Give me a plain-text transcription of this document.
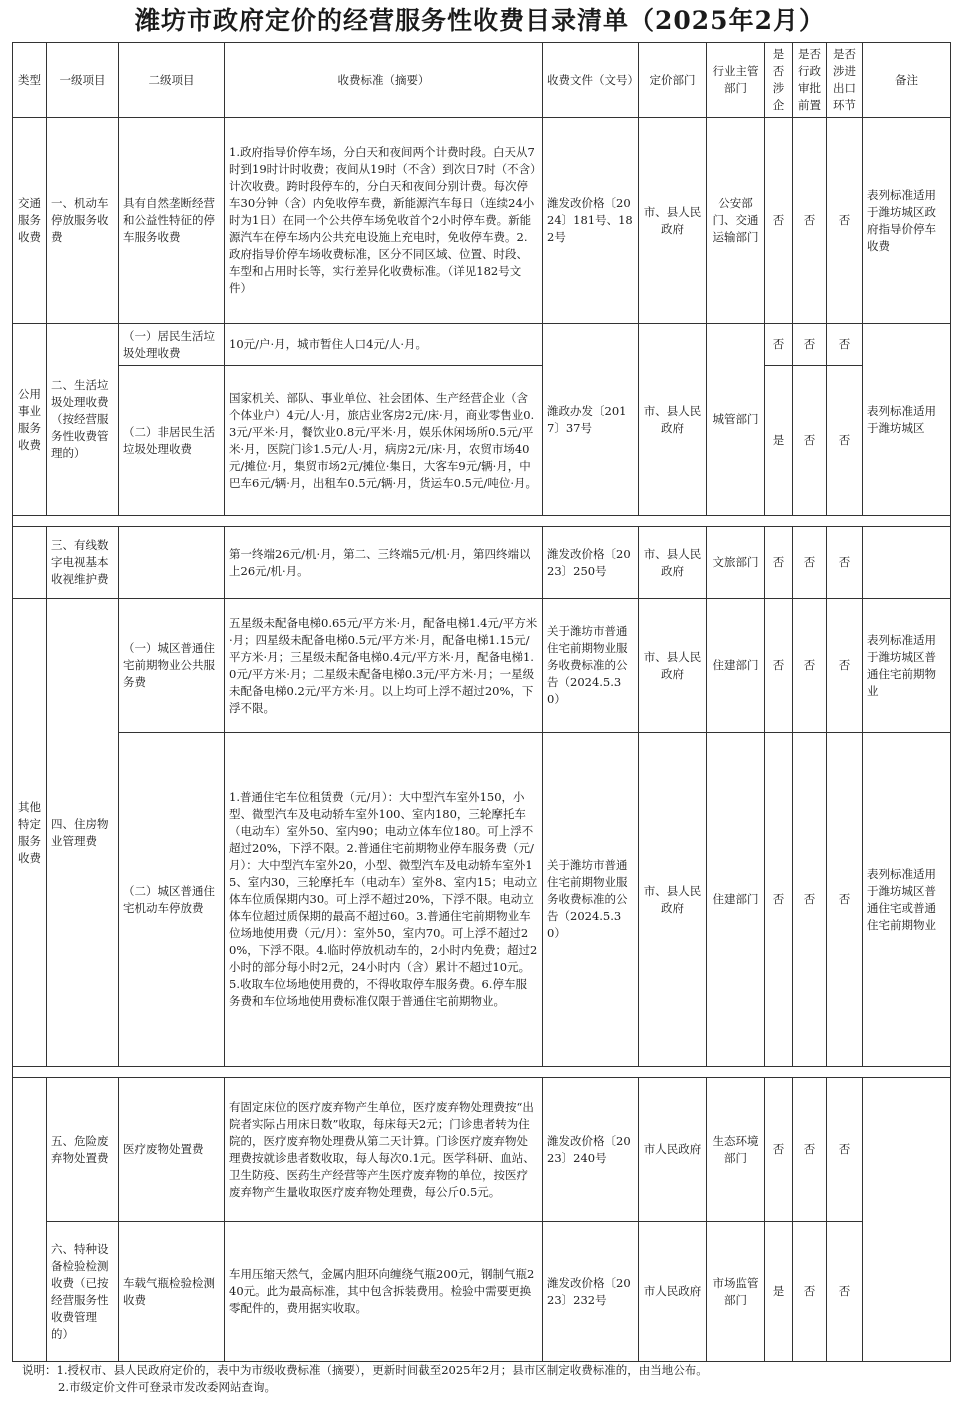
潍坊市政府定价的经营服务性收费目录清单（2025年2月）
类型	一级项目	二级项目	收费标准（摘要）	收费文件（文号）	定价部门	行业主管部门	是否涉企	是否行政审批前置	是否涉进出口环节	备注
交通服务收费	一、机动车停放服务收费	具有自然垄断经营和公益性特征的停车服务收费	1.政府指导价停车场，分白天和夜间两个计费时段。白天从7时到19时计时收费；夜间从19时（不含）到次日7时（不含）计次收费。跨时段停车的，分白天和夜间分别计费。每次停车30分钟（含）内免收停车费，新能源汽车每日（连续24小时为1日）在同一个公共停车场免收首个2小时停车费。新能源汽车在停车场内公共充电设施上充电时，免收停车费。2.政府指导价停车场收费标准，区分不同区域、位置、时段、车型和占用时长等，实行差异化收费标准。（详见182号文件）	潍发改价格〔2024〕181号、182号	市、县人民政府	公安部门、交通运输部门	否	否	否	表列标准适用于潍坊城区政府指导价停车收费
公用事业服务收费	二、生活垃圾处理收费（按经营服务性收费管理的）	（一）居民生活垃圾处理收费	10元/户·月，城市暂住人口4元/人·月。	潍政办发〔2017〕37号	市、县人民政府	城管部门	否	否	否	表列标准适用于潍坊城区
		（二）非居民生活垃圾处理收费	国家机关、部队、事业单位、社会团体、生产经营企业（含个体业户）4元/人·月，旅店业客房2元/床·月，商业零售业0.3元/平米·月，餐饮业0.8元/平米·月，娱乐休闲场所0.5元/平米·月，医院门诊1.5元/人·月，病房2元/床·月，农贸市场40元/摊位·月，集贸市场2元/摊位·集日，大客车9元/辆·月，中巴车6元/辆·月，出租车0.5元/辆·月，货运车0.5元/吨位·月。				是	否	否	

	三、有线数字电视基本收视维护费		第一终端26元/机·月，第二、三终端5元/机·月，第四终端以上26元/机·月。	潍发改价格〔2023〕250号	市、县人民政府	文旅部门	否	否	否	
其他特定服务收费	四、住房物业管理费	（一）城区普通住宅前期物业公共服务费	五星级未配备电梯0.65元/平方米·月，配备电梯1.4元/平方米·月；四星级未配备电梯0.5元/平方米·月，配备电梯1.15元/平方米·月；三星级未配备电梯0.4元/平方米·月，配备电梯1.0元/平方米·月；二星级未配备电梯0.3元/平方米·月；一星级未配备电梯0.2元/平方米·月。以上均可上浮不超过20%，下浮不限。	关于潍坊市普通住宅前期物业服务收费标准的公告（2024.5.30）	市、县人民政府	住建部门	否	否	否	表列标准适用于潍坊城区普通住宅前期物业
		（二）城区普通住宅机动车停放费	1.普通住宅车位租赁费（元/月）：大中型汽车室外150，小型、微型汽车及电动轿车室外100、室内180，三轮摩托车（电动车）室外50、室内90；电动立体车位180。可上浮不超过20%，下浮不限。2.普通住宅前期物业停车服务费（元/月）：大中型汽车室外20，小型、微型汽车及电动轿车室外15、室内30，三轮摩托车（电动车）室外8、室内15；电动立体车位质保期内30。可上浮不超过20%，下浮不限。电动立体车位超过质保期的最高不超过60。3.普通住宅前期物业车位场地使用费（元/月）：室外50，室内70。可上浮不超过20%，下浮不限。4.临时停放机动车的，2小时内免费；超过2小时的部分每小时2元，24小时内（含）累计不超过10元。5.收取车位场地使用费的，不得收取停车服务费。6.停车服务费和车位场地使用费标准仅限于普通住宅前期物业。	关于潍坊市普通住宅前期物业服务收费标准的公告（2024.5.30）	市、县人民政府	住建部门	否	否	否	表列标准适用于潍坊城区普通住宅或普通住宅前期物业

	五、危险废弃物处置费	医疗废物处置费	有固定床位的医疗废弃物产生单位，医疗废弃物处理费按“出院者实际占用床日数”收取，每床每天2元；门诊患者转为住院的，医疗废弃物处理费从第二天计算。门诊医疗废弃物处理费按就诊患者数收取，每人每次0.1元。医学科研、血站、卫生防疫、医药生产经营等产生医疗废弃物的单位，按医疗废弃物产生量收取医疗废弃物处理费，每公斤0.5元。	潍发改价格〔2023〕240号	市人民政府	生态环境部门	否	否	否	
	六、特种设备检验检测收费（已按经营服务性收费管理的）	车载气瓶检验检测收费	车用压缩天然气，金属内胆环向缠绕气瓶200元，钢制气瓶240元。此为最高标准，其中包含拆装费用。检验中需要更换零配件的，费用据实收取。	潍发改价格〔2023〕232号	市人民政府	市场监管部门	是	否	否	
说明：1.授权市、县人民政府定价的，表中为市级收费标准（摘要），更新时间截至2025年2月；县市区制定收费标准的，由当地公布。
2.市级定价文件可登录市发改委网站查询。
